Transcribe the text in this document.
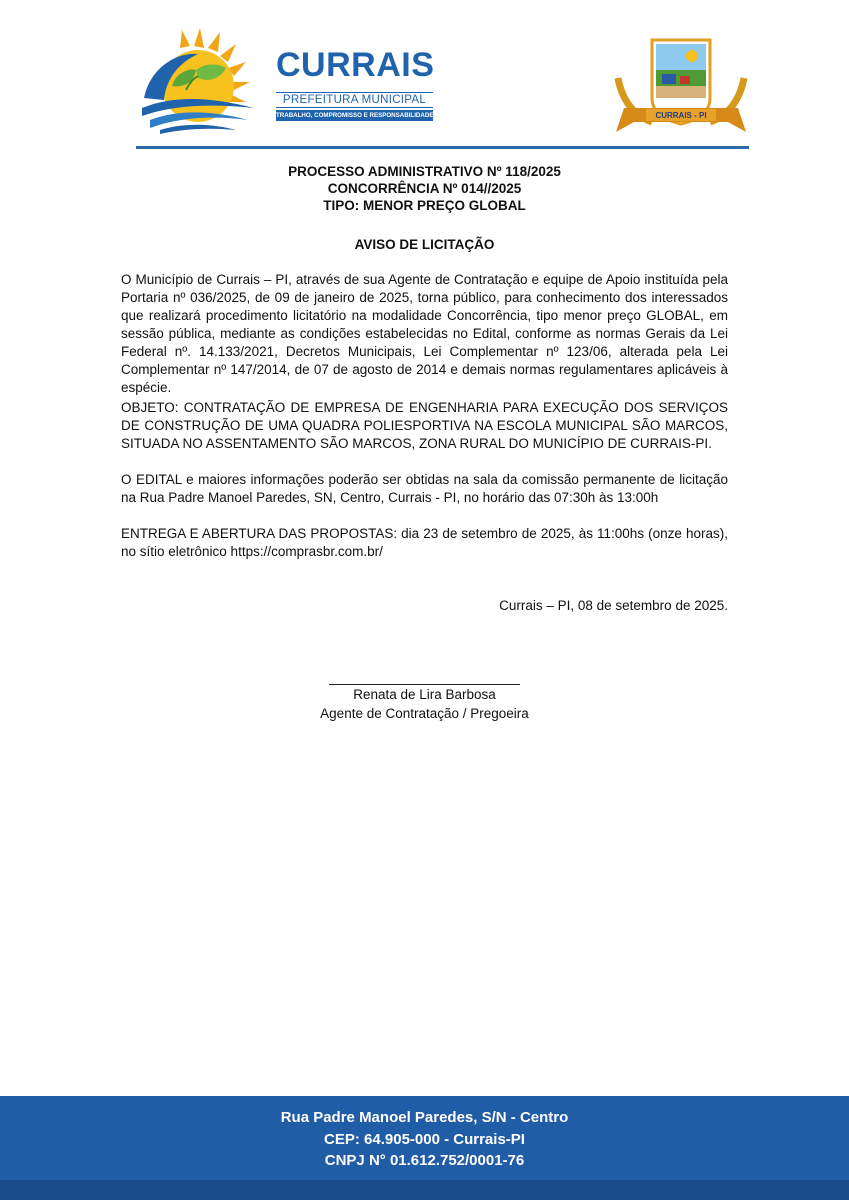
CURRAIS
PREFEITURA MUNICIPAL
TRABALHO, COMPROMISSO E RESPONSABILIDADE	CURRAIS - PI
PROCESSO ADMINISTRATIVO Nº 118/2025
CONCORRÊNCIA Nº 014//2025
TIPO: MENOR PREÇO GLOBAL
AVISO DE LICITAÇÃO

O Município de Currais – PI, através de sua Agente de Contratação e equipe de Apoio instituída pela Portaria nº 036/2025, de 09 de janeiro de 2025, torna público, para conhecimento dos interessados que realizará procedimento licitatório na modalidade Concorrência, tipo menor preço GLOBAL, em sessão pública, mediante as condições estabelecidas no Edital, conforme as normas Gerais da Lei Federal nº. 14.133/2021, Decretos Municipais, Lei Complementar nº 123/06, alterada pela Lei Complementar nº 147/2014, de 07 de agosto de 2014 e demais normas regulamentares aplicáveis à espécie.

OBJETO: CONTRATAÇÃO DE EMPRESA DE ENGENHARIA PARA EXECUÇÃO DOS SERVIÇOS DE CONSTRUÇÃO DE UMA QUADRA POLIESPORTIVA NA ESCOLA MUNICIPAL SÃO MARCOS, SITUADA NO ASSENTAMENTO SÃO MARCOS, ZONA RURAL DO MUNICÍPIO DE CURRAIS-PI.

O EDITAL e maiores informações poderão ser obtidas na sala da comissão permanente de licitação na Rua Padre Manoel Paredes, SN, Centro, Currais - PI, no horário das 07:30h às 13:00h

ENTREGA E ABERTURA DAS PROPOSTAS: dia 23 de setembro de 2025, às 11:00hs (onze horas), no sítio eletrônico https://comprasbr.com.br/

Currais – PI, 08 de setembro de 2025.
Renata de Lira Barbosa
Agente de Contratação / Pregoeira
Rua Padre Manoel Paredes, S/N - Centro
CEP: 64.905-000 - Currais-PI
CNPJ N° 01.612.752/0001-76
